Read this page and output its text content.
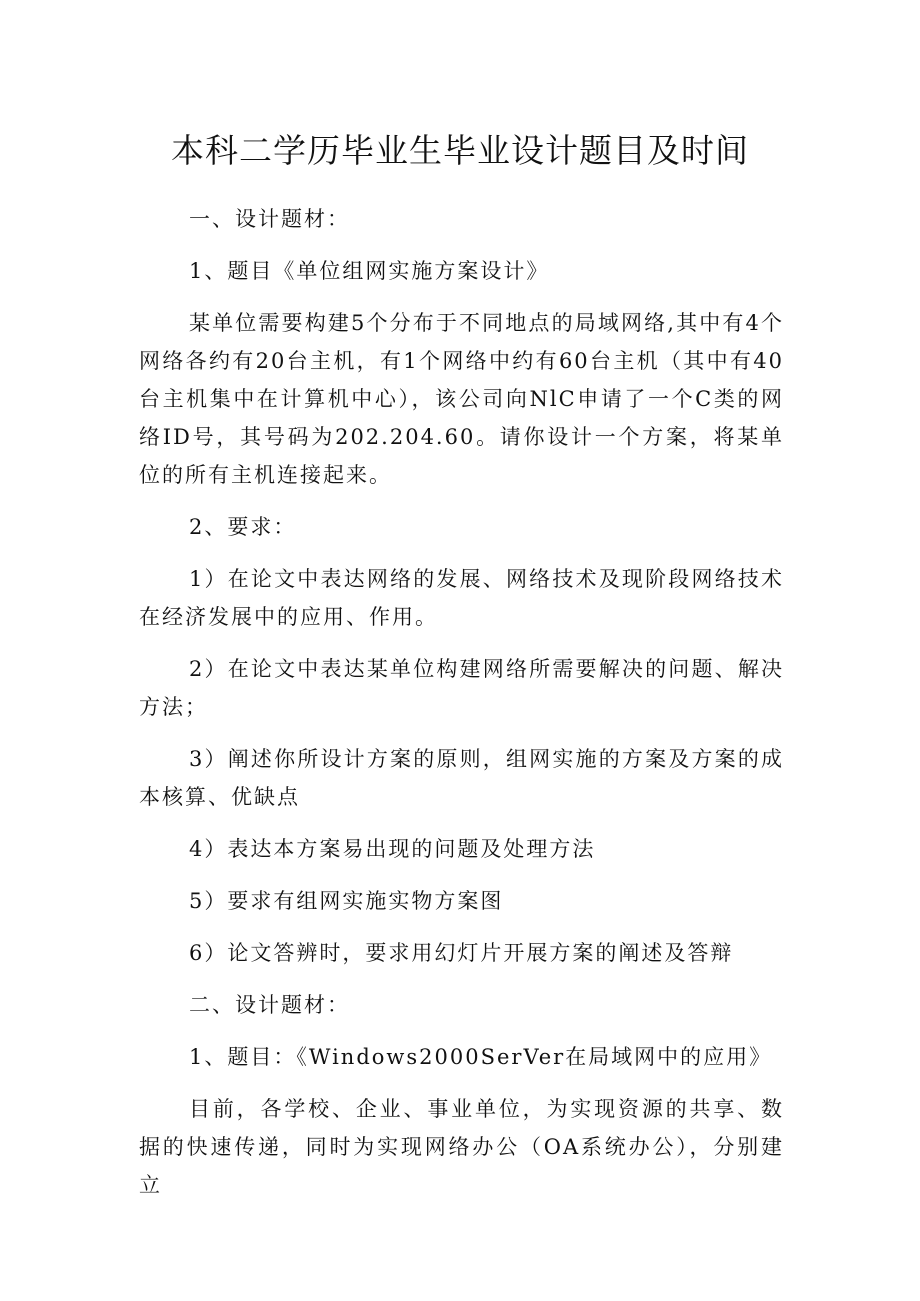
本科二学历毕业生毕业设计题目及时间

一、设计题材：

1、题目《单位组网实施方案设计》

某单位需要构建5个分布于不同地点的局域网络,其中有4个网络各约有20台主机，有1个网络中约有60台主机（其中有40台主机集中在计算机中心），该公司向NlC申请了一个C类的网络ID号，其号码为202.204.60。请你设计一个方案，将某单位的所有主机连接起来。

2、要求：

1）在论文中表达网络的发展、网络技术及现阶段网络技术在经济发展中的应用、作用。

2）在论文中表达某单位构建网络所需要解决的问题、解决方法；

3）阐述你所设计方案的原则，组网实施的方案及方案的成本核算、优缺点

4）表达本方案易出现的问题及处理方法

5）要求有组网实施实物方案图

6）论文答辨时，要求用幻灯片开展方案的阐述及答辩

二、设计题材：

1、题目：《Windows2000SerVer在局域网中的应用》

目前，各学校、企业、事业单位，为实现资源的共享、数据的快速传递，同时为实现网络办公（OA系统办公），分别建立
